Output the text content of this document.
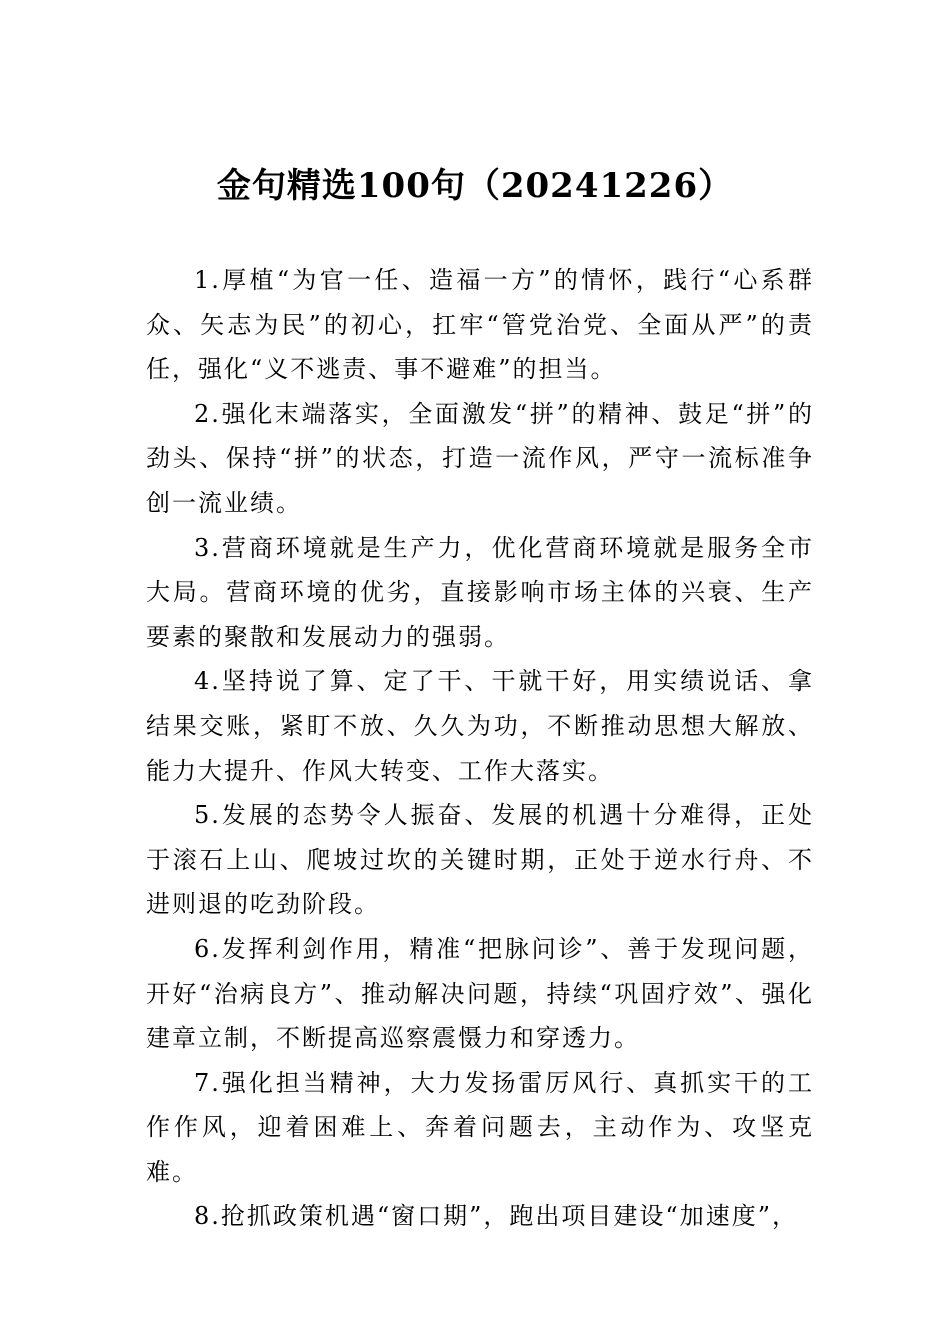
金句精选100句（20241226）

1.厚植“为官一任、造福一方”的情怀，践行“心系群众、矢志为民”的初心，扛牢“管党治党、全面从严”的责任，强化“义不逃责、事不避难”的担当。

2.强化末端落实，全面激发“拼”的精神、鼓足“拼”的劲头、保持“拼”的状态，打造一流作风，严守一流标准争创一流业绩。

3.营商环境就是生产力，优化营商环境就是服务全市大局。营商环境的优劣，直接影响市场主体的兴衰、生产要素的聚散和发展动力的强弱。

4.坚持说了算、定了干、干就干好，用实绩说话、拿结果交账，紧盯不放、久久为功，不断推动思想大解放、能力大提升、作风大转变、工作大落实。

5.发展的态势令人振奋、发展的机遇十分难得，正处于滚石上山、爬坡过坎的关键时期，正处于逆水行舟、不进则退的吃劲阶段。

6.发挥利剑作用，精准“把脉问诊”、善于发现问题，开好“治病良方”、推动解决问题，持续“巩固疗效”、强化建章立制，不断提高巡察震慑力和穿透力。

7.强化担当精神，大力发扬雷厉风行、真抓实干的工作作风，迎着困难上、奔着问题去，主动作为、攻坚克难。

8.抢抓政策机遇“窗口期”，跑出项目建设“加速度”，
